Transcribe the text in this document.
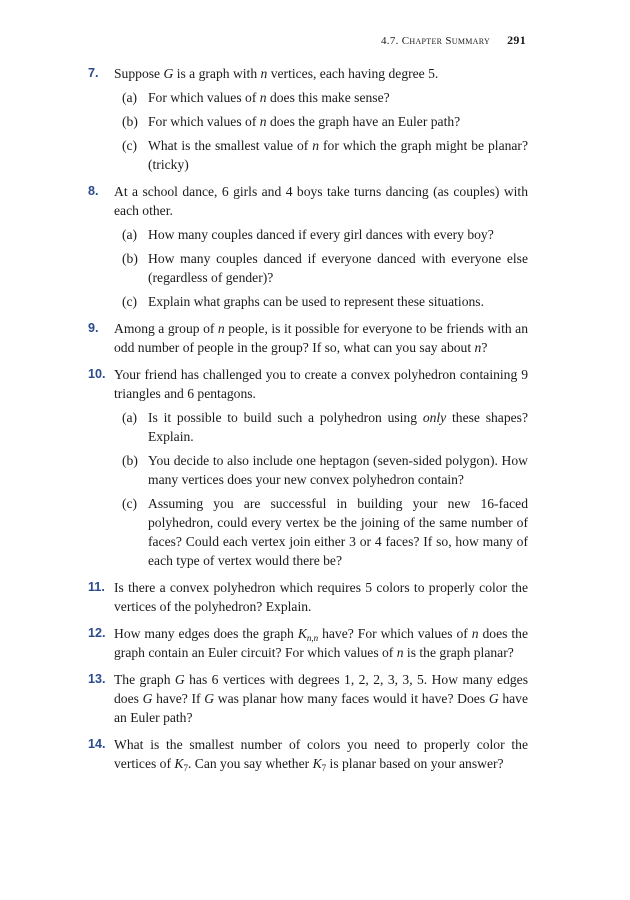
4.7. Chapter Summary 291
7. Suppose G is a graph with n vertices, each having degree 5.
(a) For which values of n does this make sense?
(b) For which values of n does the graph have an Euler path?
(c) What is the smallest value of n for which the graph might be planar? (tricky)
8. At a school dance, 6 girls and 4 boys take turns dancing (as couples) with each other.
(a) How many couples danced if every girl dances with every boy?
(b) How many couples danced if everyone danced with everyone else (regardless of gender)?
(c) Explain what graphs can be used to represent these situations.
9. Among a group of n people, is it possible for everyone to be friends with an odd number of people in the group? If so, what can you say about n?
10. Your friend has challenged you to create a convex polyhedron containing 9 triangles and 6 pentagons.
(a) Is it possible to build such a polyhedron using only these shapes? Explain.
(b) You decide to also include one heptagon (seven-sided polygon). How many vertices does your new convex polyhedron contain?
(c) Assuming you are successful in building your new 16-faced polyhedron, could every vertex be the joining of the same number of faces? Could each vertex join either 3 or 4 faces? If so, how many of each type of vertex would there be?
11. Is there a convex polyhedron which requires 5 colors to properly color the vertices of the polyhedron? Explain.
12. How many edges does the graph $K_{n,n}$ have? For which values of n does the graph contain an Euler circuit? For which values of n is the graph planar?
13. The graph G has 6 vertices with degrees 1, 2, 2, 3, 3, 5. How many edges does G have? If G was planar how many faces would it have? Does G have an Euler path?
14. What is the smallest number of colors you need to properly color the vertices of $K_7$. Can you say whether $K_7$ is planar based on your answer?
